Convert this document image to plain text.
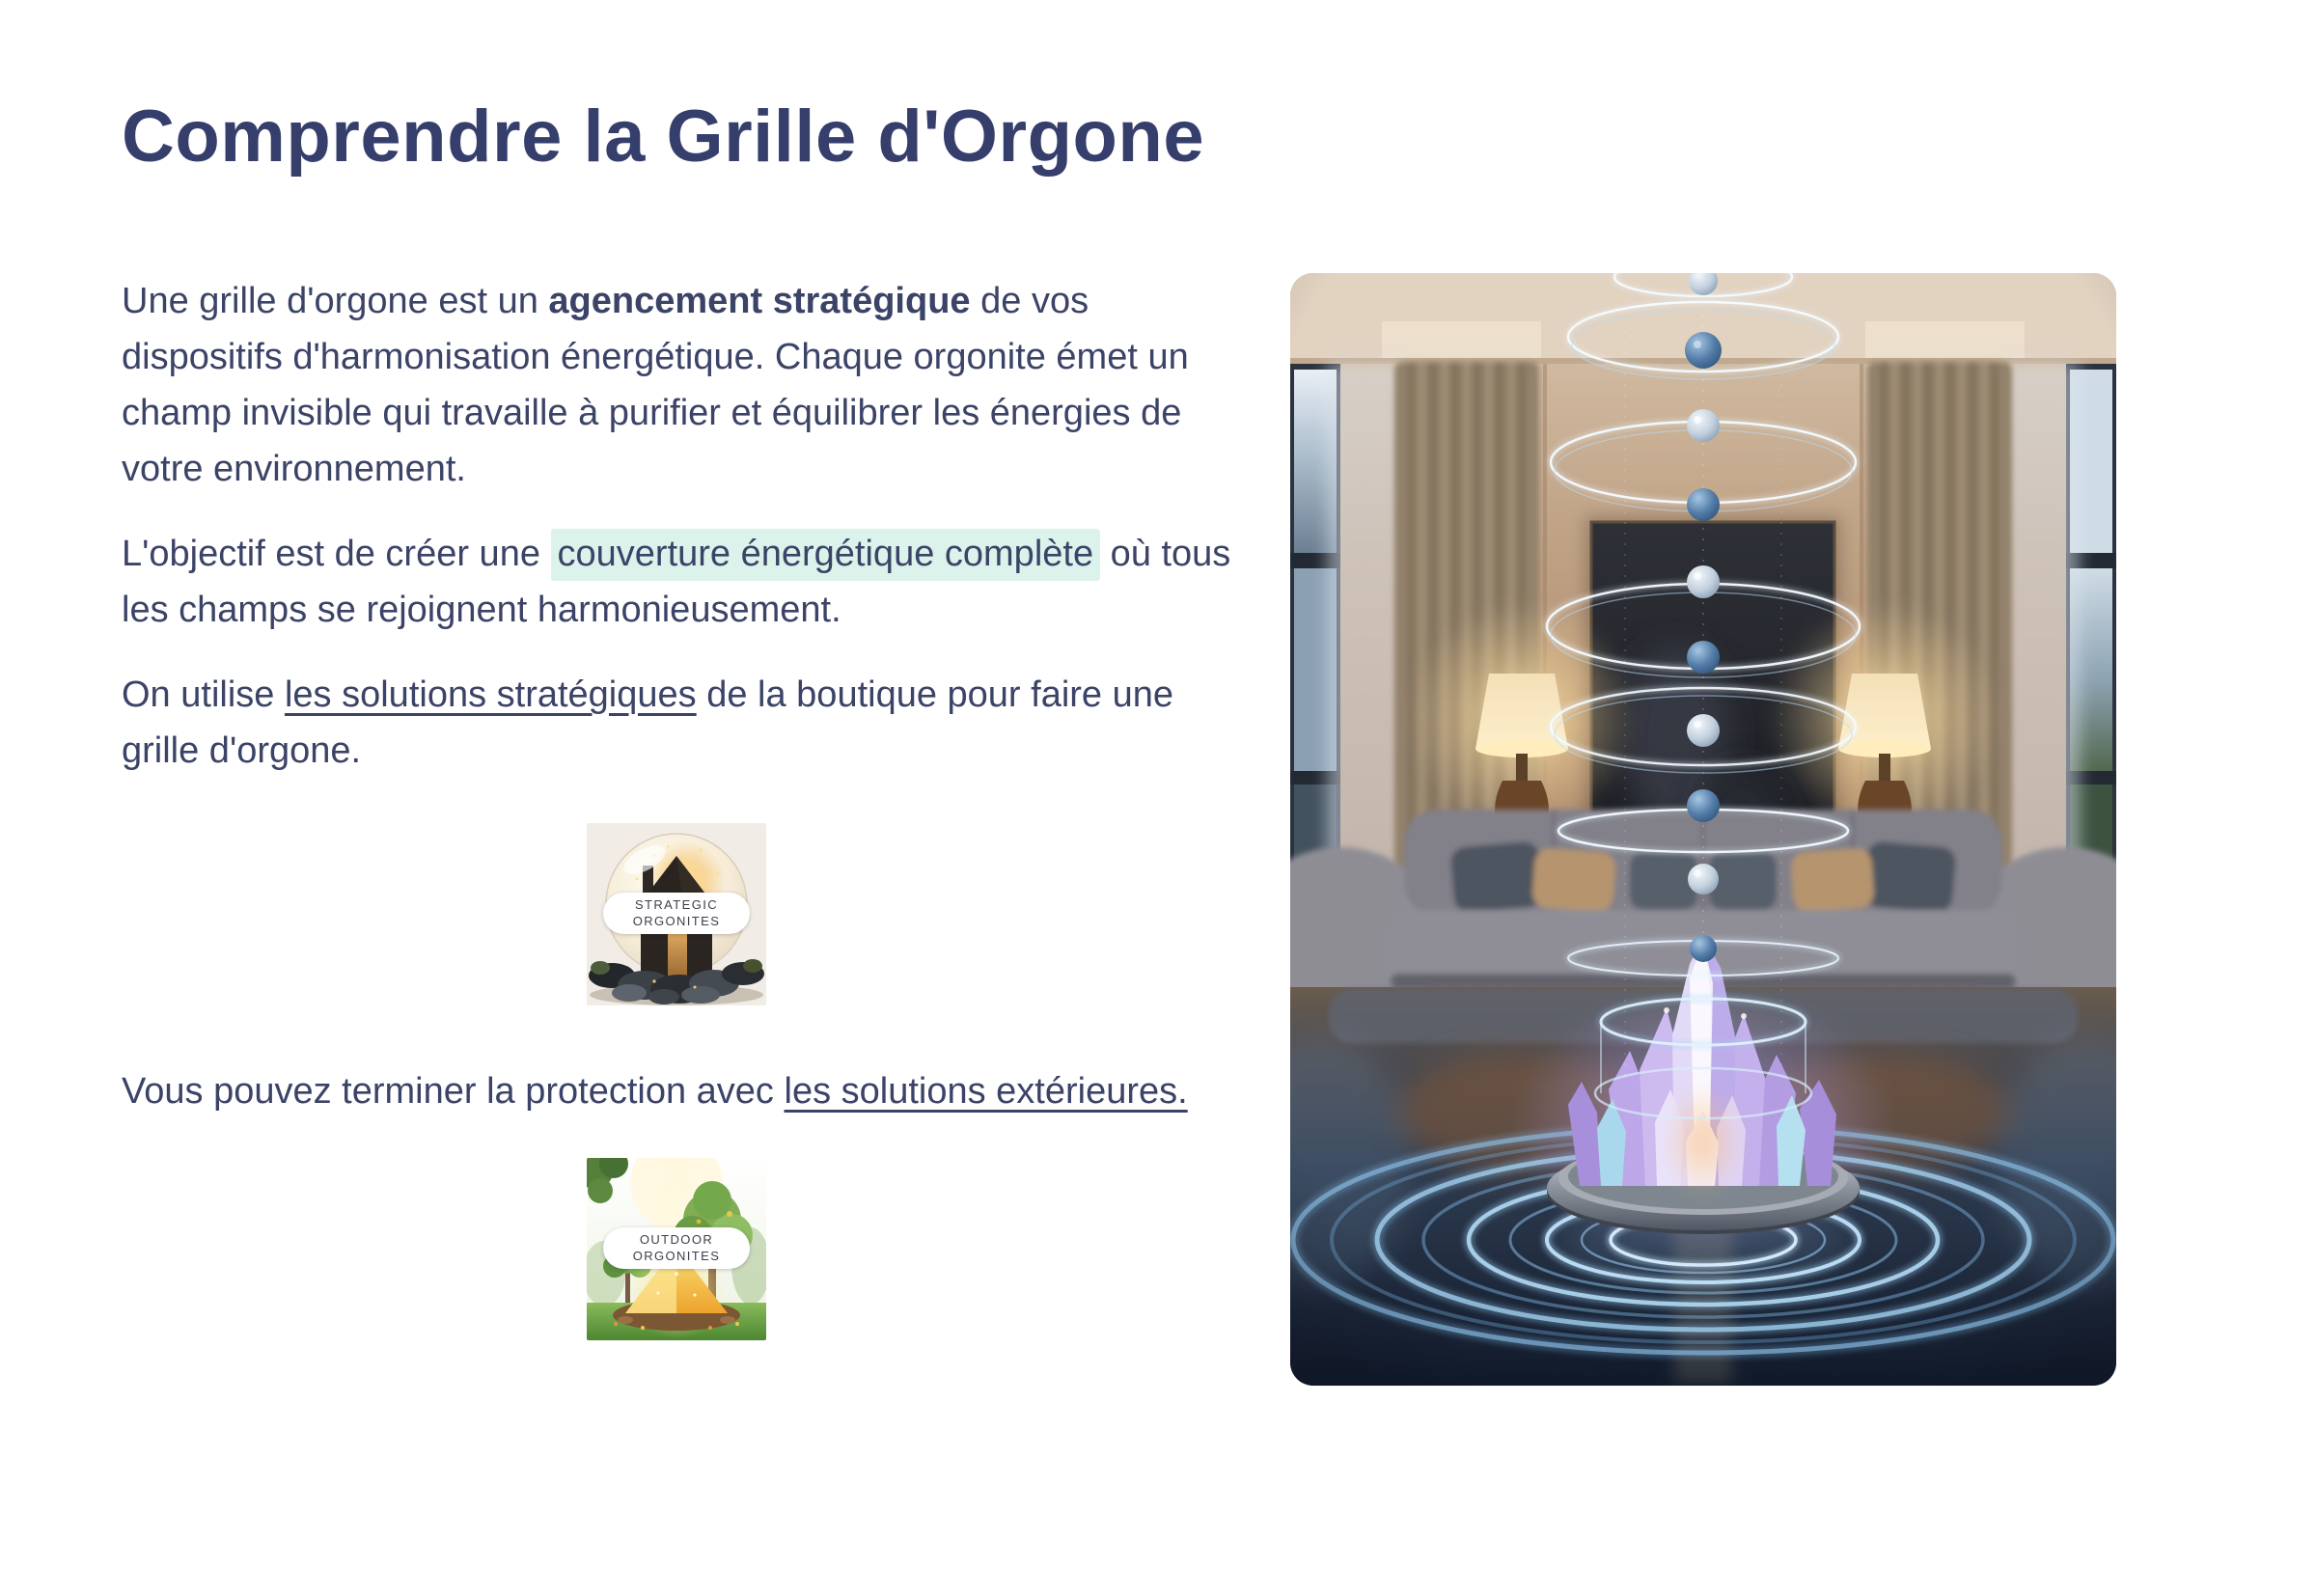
Comprendre la Grille d'Orgone

Une grille d'orgone est un agencement stratégique de vos dispositifs d'harmonisation énergétique. Chaque orgonite émet un champ invisible qui travaille à purifier et équilibrer les énergies de votre environnement.

L'objectif est de créer une couverture énergétique complète où tous les champs se rejoignent harmonieusement.

On utilise les solutions stratégiques de la boutique pour faire une grille d'orgone.

STRATEGIC
ORGONITES

Vous pouvez terminer la protection avec les solutions extérieures.

OUTDOOR
ORGONITES
